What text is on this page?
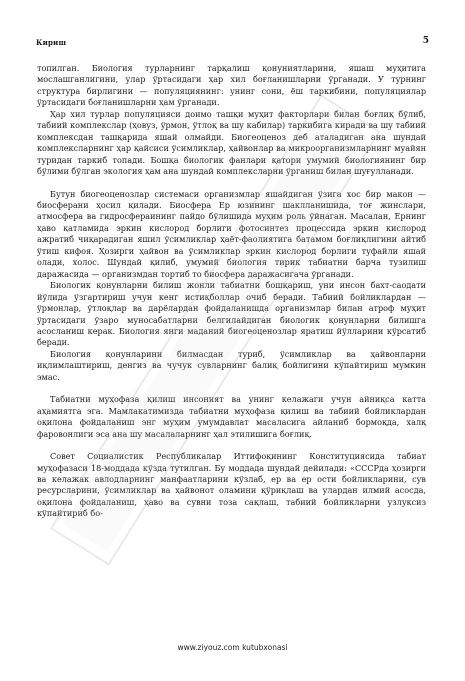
Кириш	5

топилган. Биология турларнинг тарқалиш қонуниятларини, яшаш муҳитига мослашганлигини, улар ўртасидаги ҳар хил боғланишларни ўрганади. У турнинг структура бирлигини — популяциянинг: унинг сони, ёш таркибини, популяциялар ўртасидаги боғланишларни ҳам ўрганади.

Ҳар хил турлар популяцияси доимо ташқи муҳит факторлари билан боғлиқ бўлиб, табиий комплекслар (ҳовуз, ўрмон, ўтлоқ ва шу кабилар) таркибига киради ва шу табиий комплексдан ташқарида яшай олмайди. Биогеоценоз деб аталадиган ана шундай комплексларнинг ҳар қайсиси ўсимликлар, ҳайвонлар ва микроорганизмларнинг муайян туридан таркиб топади. Бошқа биологик фанлари қатори умумий биологиянинг бир бўлими бўлган экология ҳам ана шундай комплексларни ўрганиш билан шуғулланади.

Бутун биогеоценозлар системаси организмлар яшайдиган ўзига хос бир макон — биосферани ҳосил қилади. Биосфера Ер юзининг шаклланишида, тоғ жинслари, атмосфера ва гидросфераининг пайдо бўлишида муҳим роль ўйнаган. Масалан, Ернинг ҳаво қатламида эркин кислород борлиги фотосинтез процессида эркин кислород ажратиб чиқарадиган яшил ўсимликлар ҳаёт-фаолиятига батамом боғлиқлигини айтиб ўтиш кифоя. Ҳозирги ҳайвон ва ўсимликлар эркин кислород борлиги туфайли яшай олади, холос. Шундай қилиб, умумий биология тирик табиатни барча тузилиш даражасида — организмдан тортиб то биосфера даражасигача ўрганади.

Биологик қонунларни билиш жонли табиатни бошқариш, уни инсон бахт-саодати йўлида ўзгартириш учун кенг истиқболлар очиб беради. Табиий бойликлардан — ўрмонлар, ўтлоқлар ва дарёлардан фойдаланишда организмлар билан атроф муҳит ўртасидаги ўзаро муносабатларни белгилайдиган биологик қонунларни билишга асосланиш керак. Биология янги маданий биогеоценозлар яратиш йўлларини кўрсатиб беради.

Биология қонунларини билмасдан туриб, ўсимликлар ва ҳайвонларни иқлимлаштириш, денгиз ва чучук сувларнинг балиқ бойлигини кўпайтириш мумкин эмас.

Табиатни муҳофаза қилиш инсоният ва унинг келажаги учун айниқса катта аҳамиятга эга. Мамлакатимизда табиатни муҳофаза қилиш ва табиий бойликлардан оқилона фойдаланиш энг муҳим умумдавлат масаласига айланиб бормоқда, халқ фаровонлиги эса ана шу масалаларнинг ҳал этилишига боғлиқ.

Совет Социалистик Республикалар Иттифоқининг Конституциясида табиат муҳофазаси 18-моддада кўзда тутилган. Бу моддада шундай дейилади: «СССРда ҳозирги ва келажак авлодларнинг манфаатларини кўзлаб, ер ва ер ости бойликларини, сув ресурсларини, ўсимликлар ва ҳайвонот оламини қўриқлаш ва улардан илмий асосда, оқилона фойдаланиш, ҳаво ва сувни тоза сақлаш, табиий бойликларни узлуксиз кўпайтириб бо-

www.ziyouz.com kutubxonasi
